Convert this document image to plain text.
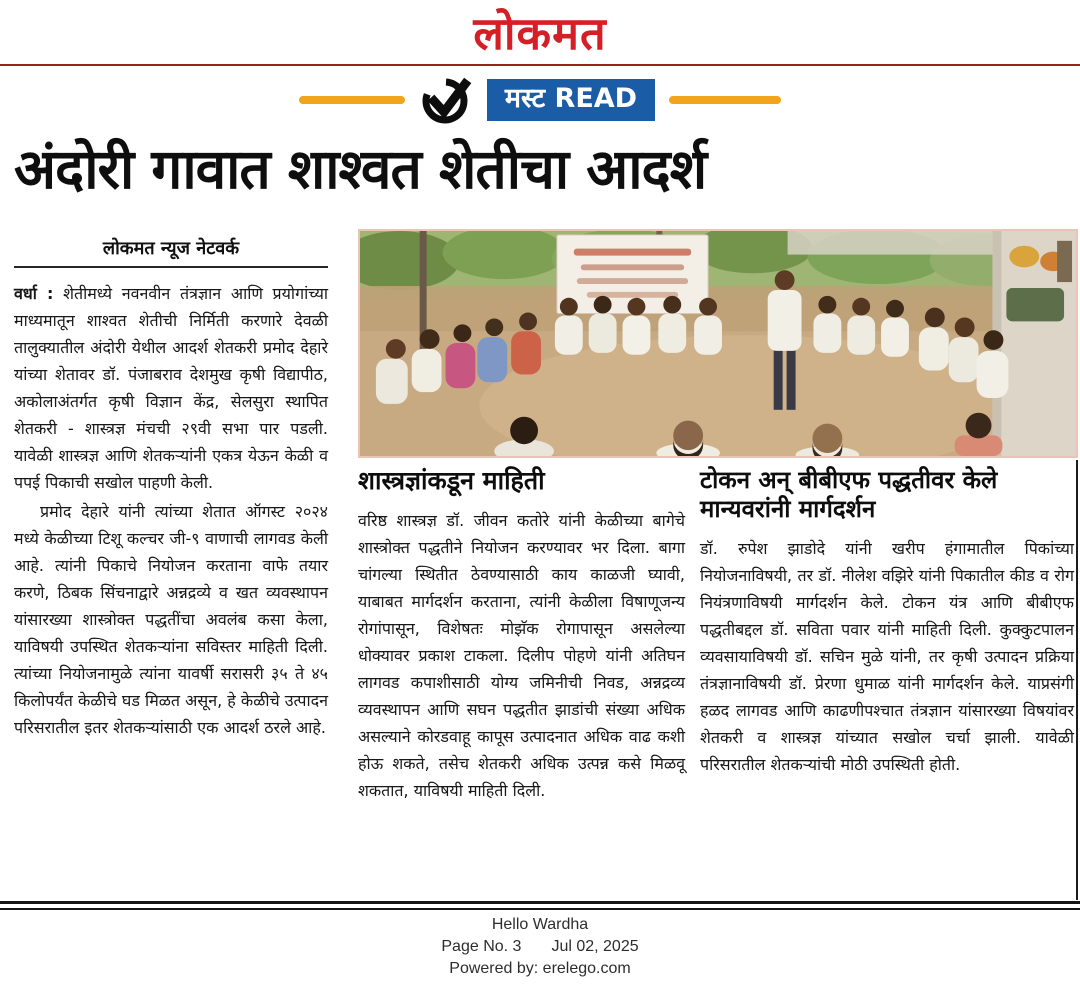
लोकमत
मस्ट READ
अंदोरी गावात शाश्वत शेतीचा आदर्श

लोकमत न्यूज नेटवर्क

वर्धा : शेतीमध्ये नवनवीन तंत्रज्ञान आणि प्रयोगांच्या माध्यमातून शाश्वत शेतीची निर्मिती करणारे देवळी तालुक्यातील अंदोरी येथील आदर्श शेतकरी प्रमोद देहारे यांच्या शेतावर डॉ. पंजाबराव देशमुख कृषी विद्यापीठ, अकोलाअंतर्गत कृषी विज्ञान केंद्र, सेलसुरा स्थापित शेतकरी - शास्त्रज्ञ मंचची २९वी सभा पार पडली. यावेळी शास्त्रज्ञ आणि शेतकऱ्यांनी एकत्र येऊन केळी व पपई पिकाची सखोल पाहणी केली.

प्रमोद देहारे यांनी त्यांच्या शेतात ऑगस्ट २०२४ मध्ये केळीच्या टिशू कल्चर जी-९ वाणाची लागवड केली आहे. त्यांनी पिकाचे नियोजन करताना वाफे तयार करणे, ठिबक सिंचनाद्वारे अन्नद्रव्ये व खत व्यवस्थापन यांसारख्या शास्त्रोक्त पद्धतींचा अवलंब कसा केला, याविषयी उपस्थित शेतकऱ्यांना सविस्तर माहिती दिली. त्यांच्या नियोजनामुळे त्यांना यावर्षी सरासरी ३५ ते ४५ किलोपर्यंत केळीचे घड मिळत असून, हे केळीचे उत्पादन परिसरातील इतर शेतकऱ्यांसाठी एक आदर्श ठरले आहे.

शास्त्रज्ञांकडून माहिती

वरिष्ठ शास्त्रज्ञ डॉ. जीवन कतोरे यांनी केळीच्या बागेचे शास्त्रोक्त पद्धतीने नियोजन करण्यावर भर दिला. बागा चांगल्या स्थितीत ठेवण्यासाठी काय काळजी घ्यावी, याबाबत मार्गदर्शन करताना, त्यांनी केळीला विषाणूजन्य रोगांपासून, विशेषतः मोझॅक रोगापासून असलेल्या धोक्यावर प्रकाश टाकला. दिलीप पोहणे यांनी अतिघन लागवड कपाशीसाठी योग्य जमिनीची निवड, अन्नद्रव्य व्यवस्थापन आणि सघन पद्धतीत झाडांची संख्या अधिक असल्याने कोरडवाहू कापूस उत्पादनात अधिक वाढ कशी होऊ शकते, तसेच शेतकरी अधिक उत्पन्न कसे मिळवू शकतात, याविषयी माहिती दिली.

टोकन अन् बीबीएफ पद्धतीवर केले मान्यवरांनी मार्गदर्शन

डॉ. रुपेश झाडोदे यांनी खरीप हंगामातील पिकांच्या नियोजनाविषयी, तर डॉ. नीलेश वझिरे यांनी पिकातील कीड व रोग नियंत्रणाविषयी मार्गदर्शन केले. टोकन यंत्र आणि बीबीएफ पद्धतीबद्दल डॉ. सविता पवार यांनी माहिती दिली. कुक्कुटपालन व्यवसायाविषयी डॉ. सचिन मुळे यांनी, तर कृषी उत्पादन प्रक्रिया तंत्रज्ञानाविषयी डॉ. प्रेरणा धुमाळ यांनी मार्गदर्शन केले. याप्रसंगी हळद लागवड आणि काढणीपश्चात तंत्रज्ञान यांसारख्या विषयांवर शेतकरी व शास्त्रज्ञ यांच्यात सखोल चर्चा झाली. यावेळी परिसरातील शेतकऱ्यांची मोठी उपस्थिती होती.

Hello Wardha
Page No. 3 Jul 02, 2025
Powered by: erelego.com
